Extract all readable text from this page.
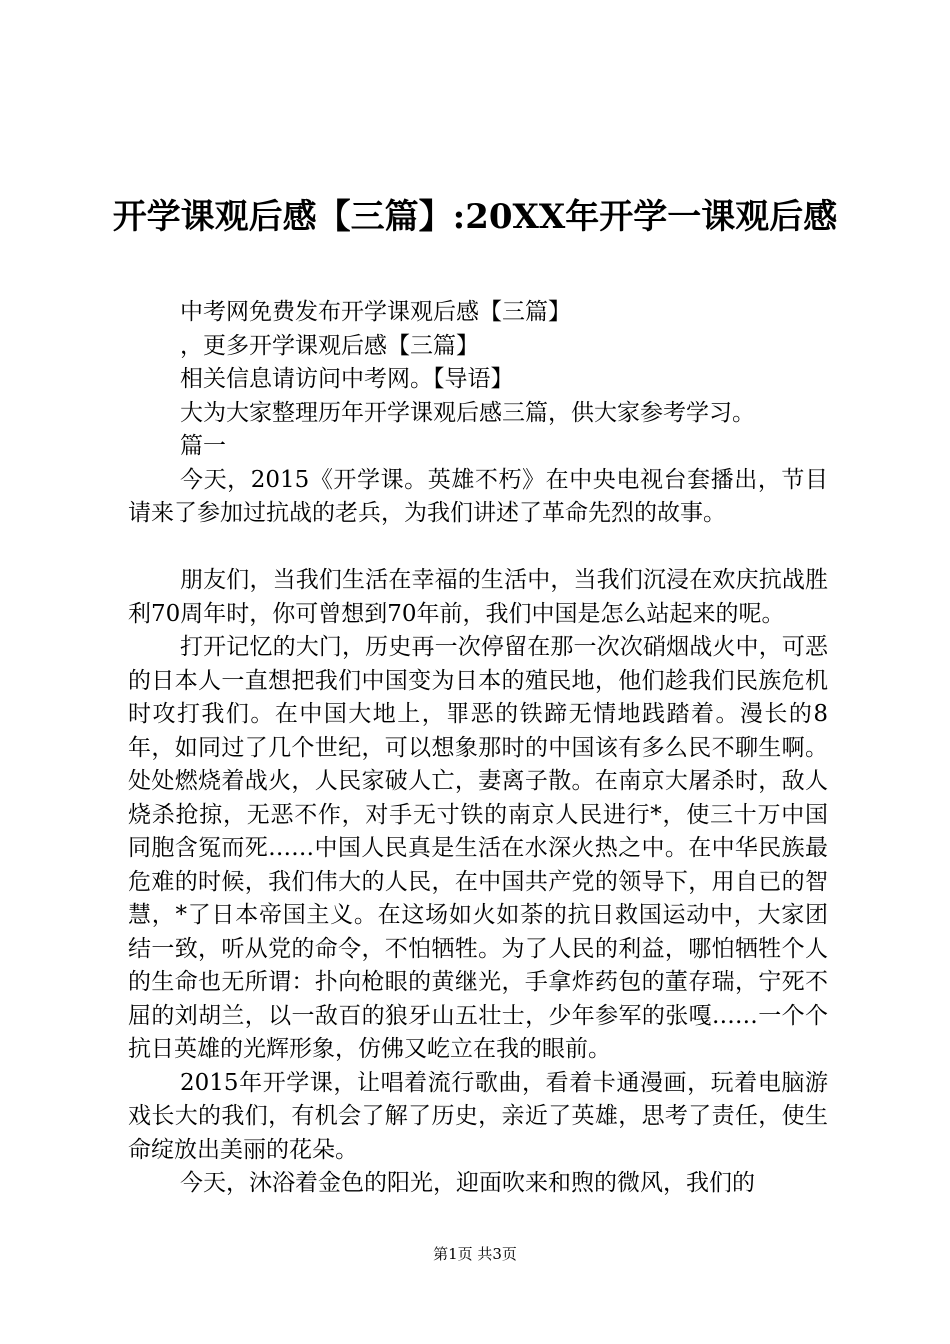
开学课观后感【三篇】:20XX年开学一课观后感

中考网免费发布开学课观后感【三篇】

，更多开学课观后感【三篇】

相关信息请访问中考网。【导语】

大为大家整理历年开学课观后感三篇，供大家参考学习。

篇一

今天，2015《开学课。英雄不朽》在中央电视台套播出，节目请来了参加过抗战的老兵，为我们讲述了革命先烈的故事。

朋友们，当我们生活在幸福的生活中，当我们沉浸在欢庆抗战胜利70周年时，你可曾想到70年前，我们中国是怎么站起来的呢。

打开记忆的大门，历史再一次停留在那一次次硝烟战火中，可恶的日本人一直想把我们中国变为日本的殖民地，他们趁我们民族危机时攻打我们。在中国大地上，罪恶的铁蹄无情地践踏着。漫长的8年，如同过了几个世纪，可以想象那时的中国该有多么民不聊生啊。处处燃烧着战火，人民家破人亡，妻离子散。在南京大屠杀时，敌人烧杀抢掠，无恶不作，对手无寸铁的南京人民进行*，使三十万中国同胞含冤而死……中国人民真是生活在水深火热之中。在中华民族最危难的时候，我们伟大的人民，在中国共产党的领导下，用自已的智慧，*了日本帝国主义。在这场如火如荼的抗日救国运动中，大家团结一致，听从党的命令，不怕牺牲。为了人民的利益，哪怕牺牲个人的生命也无所谓：扑向枪眼的黄继光，手拿炸药包的董存瑞，宁死不屈的刘胡兰，以一敌百的狼牙山五壮士，少年参军的张嘎……一个个抗日英雄的光辉形象，仿佛又屹立在我的眼前。

2015年开学课，让唱着流行歌曲，看着卡通漫画，玩着电脑游戏长大的我们，有机会了解了历史，亲近了英雄，思考了责任，使生命绽放出美丽的花朵。

今天，沐浴着金色的阳光，迎面吹来和煦的微风，我们的

第1页 共3页
